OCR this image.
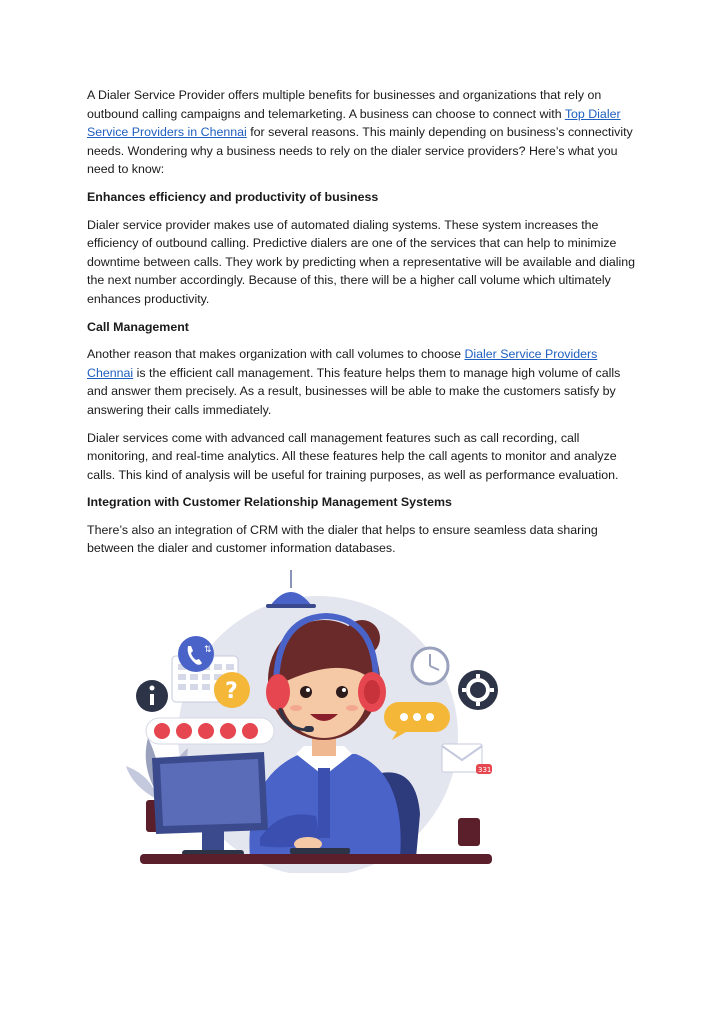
A Dialer Service Provider offers multiple benefits for businesses and organizations that rely on outbound calling campaigns and telemarketing. A business can choose to connect with Top Dialer Service Providers in Chennai for several reasons. This mainly depending on business’s connectivity needs. Wondering why a business needs to rely on the dialer service providers? Here’s what you need to know:

Enhances efficiency and productivity of business

Dialer service provider makes use of automated dialing systems. These system increases the efficiency of outbound calling. Predictive dialers are one of the services that can help to minimize downtime between calls. They work by predicting when a representative will be available and dialing the next number accordingly. Because of this, there will be a higher call volume which ultimately enhances productivity.

Call Management

Another reason that makes organization with call volumes to choose Dialer Service Providers Chennai is the efficient call management. This feature helps them to manage high volume of calls and answer them precisely. As a result, businesses will be able to make the customers satisfy by answering their calls immediately.

Dialer services come with advanced call management features such as call recording, call monitoring, and real-time analytics. All these features help the call agents to monitor and analyze calls. This kind of analysis will be useful for training purposes, as well as performance evaluation.

Integration with Customer Relationship Management Systems

There’s also an integration of CRM with the dialer that helps to ensure seamless data sharing between the dialer and customer information databases.

⇅
?
331
